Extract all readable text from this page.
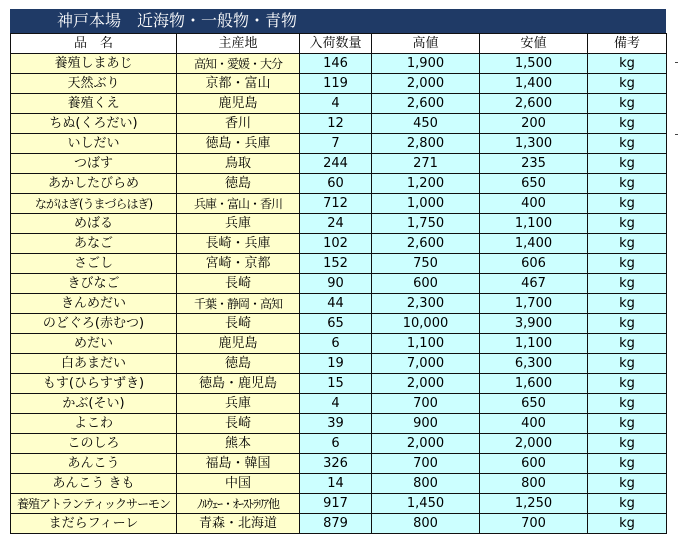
神戸本場　近海物・一般物・青物
品　名	主産地	入荷数量	高値	安値	備考
養殖しまあじ	高知・愛媛・大分	146	1,900	1,500	kg
天然ぶり	京都・富山	119	2,000	1,400	kg
養殖くえ	鹿児島	4	2,600	2,600	kg
ちぬ(くろだい)	香川	12	450	200	kg
いしだい	徳島・兵庫	7	2,800	1,300	kg
つばす	鳥取	244	271	235	kg
あかしたびらめ	徳島	60	1,200	650	kg
ながはぎ(うまづらはぎ)	兵庫・富山・香川	712	1,000	400	kg
めばる	兵庫	24	1,750	1,100	kg
あなご	長崎・兵庫	102	2,600	1,400	kg
さごし	宮崎・京都	152	750	606	kg
きびなご	長崎	90	600	467	kg
きんめだい	千葉・静岡・高知	44	2,300	1,700	kg
のどぐろ(赤むつ)	長崎	65	10,000	3,900	kg
めだい	鹿児島	6	1,100	1,100	kg
白あまだい	徳島	19	7,000	6,300	kg
もす(ひらすずき)	徳島・鹿児島	15	2,000	1,600	kg
かぶ(そい)	兵庫	4	700	650	kg
よこわ	長崎	39	900	400	kg
このしろ	熊本	6	2,000	2,000	kg
あんこう	福島・韓国	326	700	600	kg
あんこう きも	中国	14	800	800	kg
養殖アトランティックサーモン	ﾉﾙｳｪｰ・ｵｰｽﾄﾗﾘｱ他	917	1,450	1,250	kg
まだらフィーレ	青森・北海道	879	800	700	kg
